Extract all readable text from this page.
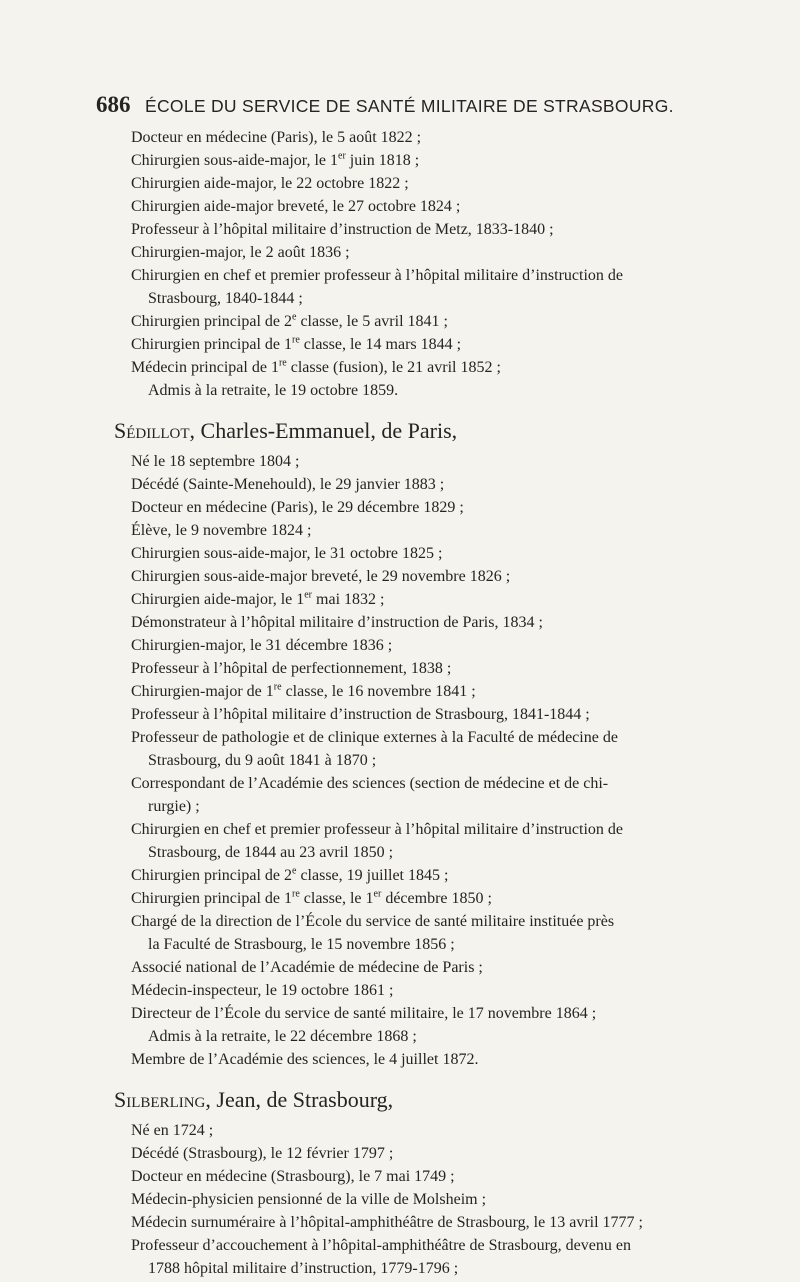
686 ÉCOLE DU SERVICE DE SANTÉ MILITAIRE DE STRASBOURG.

Docteur en médecine (Paris), le 5 août 1822 ;

Chirurgien sous-aide-major, le 1er juin 1818 ;

Chirurgien aide-major, le 22 octobre 1822 ;

Chirurgien aide-major breveté, le 27 octobre 1824 ;

Professeur à l’hôpital militaire d’instruction de Metz, 1833-1840 ;

Chirurgien-major, le 2 août 1836 ;

Chirurgien en chef et premier professeur à l’hôpital militaire d’instruction de

Strasbourg, 1840-1844 ;

Chirurgien principal de 2e classe, le 5 avril 1841 ;

Chirurgien principal de 1re classe, le 14 mars 1844 ;

Médecin principal de 1re classe (fusion), le 21 avril 1852 ;

Admis à la retraite, le 19 octobre 1859.

Sédillot, Charles-Emmanuel, de Paris,

Né le 18 septembre 1804 ;

Décédé (Sainte-Menehould), le 29 janvier 1883 ;

Docteur en médecine (Paris), le 29 décembre 1829 ;

Élève, le 9 novembre 1824 ;

Chirurgien sous-aide-major, le 31 octobre 1825 ;

Chirurgien sous-aide-major breveté, le 29 novembre 1826 ;

Chirurgien aide-major, le 1er mai 1832 ;

Démonstrateur à l’hôpital militaire d’instruction de Paris, 1834 ;

Chirurgien-major, le 31 décembre 1836 ;

Professeur à l’hôpital de perfectionnement, 1838 ;

Chirurgien-major de 1re classe, le 16 novembre 1841 ;

Professeur à l’hôpital militaire d’instruction de Strasbourg, 1841-1844 ;

Professeur de pathologie et de clinique externes à la Faculté de médecine de

Strasbourg, du 9 août 1841 à 1870 ;

Correspondant de l’Académie des sciences (section de médecine et de chi-

rurgie) ;

Chirurgien en chef et premier professeur à l’hôpital militaire d’instruction de

Strasbourg, de 1844 au 23 avril 1850 ;

Chirurgien principal de 2e classe, 19 juillet 1845 ;

Chirurgien principal de 1re classe, le 1er décembre 1850 ;

Chargé de la direction de l’École du service de santé militaire instituée près

la Faculté de Strasbourg, le 15 novembre 1856 ;

Associé national de l’Académie de médecine de Paris ;

Médecin-inspecteur, le 19 octobre 1861 ;

Directeur de l’École du service de santé militaire, le 17 novembre 1864 ;

Admis à la retraite, le 22 décembre 1868 ;

Membre de l’Académie des sciences, le 4 juillet 1872.

Silberling, Jean, de Strasbourg,

Né en 1724 ;

Décédé (Strasbourg), le 12 février 1797 ;

Docteur en médecine (Strasbourg), le 7 mai 1749 ;

Médecin-physicien pensionné de la ville de Molsheim ;

Médecin surnuméraire à l’hôpital-amphithéâtre de Strasbourg, le 13 avril 1777 ;

Professeur d’accouchement à l’hôpital-amphithéâtre de Strasbourg, devenu en

1788 hôpital militaire d’instruction, 1779-1796 ;
